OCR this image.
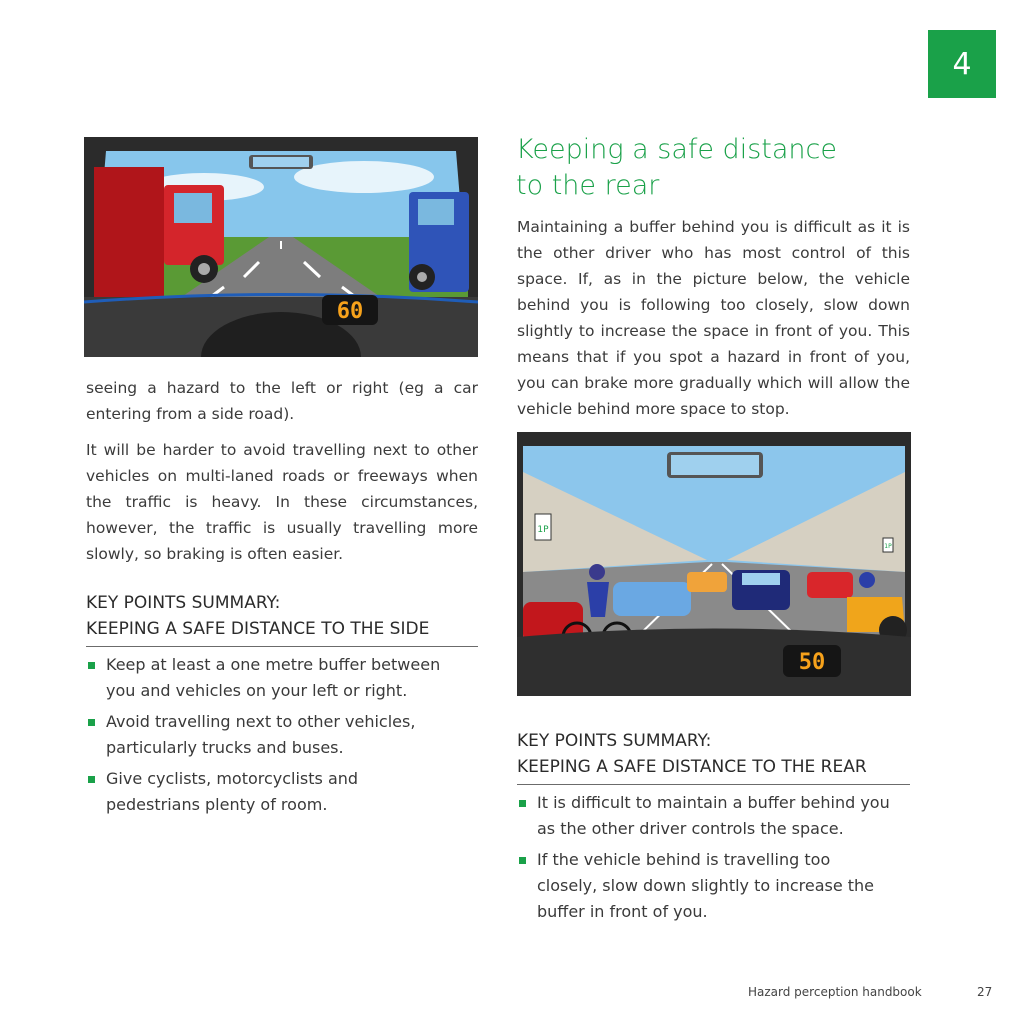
4
60

seeing a hazard to the left or right (eg a car entering from a side road).

It will be harder to avoid travelling next to other vehicles on multi-laned roads or freeways when the traffic is heavy. In these circumstances, however, the traffic is usually travelling more slowly, so braking is often easier.

KEY POINTS SUMMARY:
KEEPING A SAFE DISTANCE TO THE SIDE
Keep at least a one metre buffer between you and vehicles on your left or right.
Avoid travelling next to other vehicles, particularly trucks and buses.
Give cyclists, motorcyclists and pedestrians plenty of room.
Keeping a safe distance
to the rear
Maintaining a buffer behind you is difficult as it is the other driver who has most control of this space. If, as in the picture below, the vehicle behind you is following too closely, slow down slightly to increase the space in front of you. This means that if you spot a hazard in front of you, you can brake more gradually which will allow the vehicle behind more space to stop.
1P
1P
50
KEY POINTS SUMMARY:
KEEPING A SAFE DISTANCE TO THE REAR
It is difficult to maintain a buffer behind you as the other driver controls the space.
If the vehicle behind is travelling too closely, slow down slightly to increase the buffer in front of you.
Hazard perception handbook	27
